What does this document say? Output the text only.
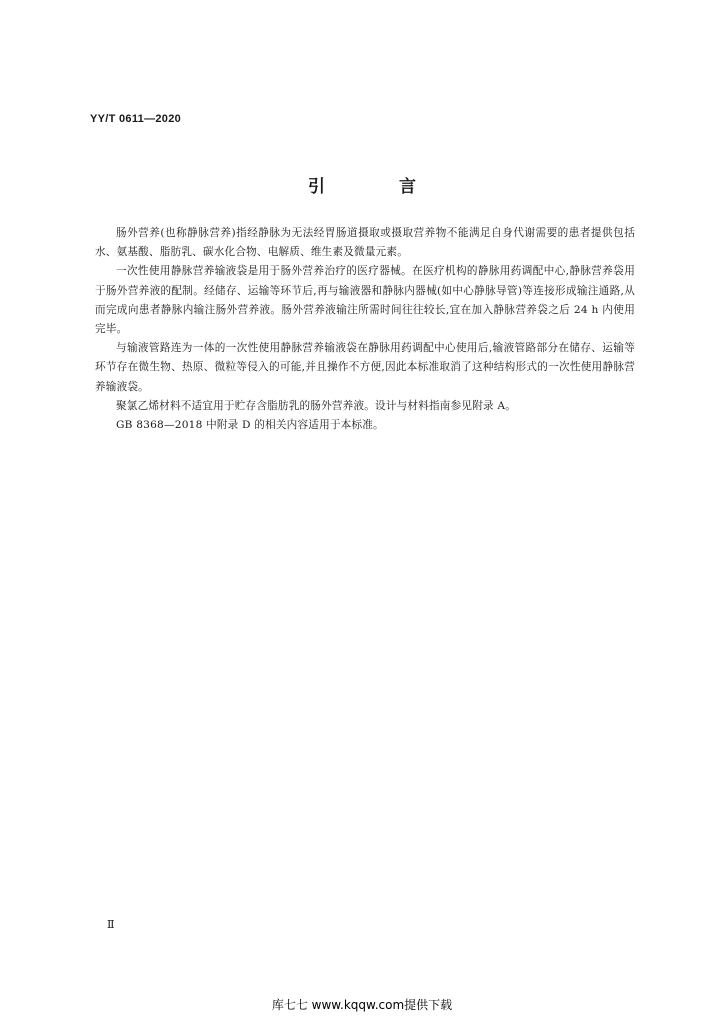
YY/T 0611—2020
引 言

肠外营养(也称静脉营养)指经静脉为无法经胃肠道摄取或摄取营养物不能满足自身代谢需要的患者提供包括水、氨基酸、脂肪乳、碳水化合物、电解质、维生素及微量元素。

一次性使用静脉营养输液袋是用于肠外营养治疗的医疗器械。在医疗机构的静脉用药调配中心,静脉营养袋用于肠外营养液的配制。经储存、运输等环节后,再与输液器和静脉内器械(如中心静脉导管)等连接形成输注通路,从而完成向患者静脉内输注肠外营养液。肠外营养液输注所需时间往往较长,宜在加入静脉营养袋之后 24 h 内使用完毕。

与输液管路连为一体的一次性使用静脉营养输液袋在静脉用药调配中心使用后,输液管路部分在储存、运输等环节存在微生物、热原、微粒等侵入的可能,并且操作不方便,因此本标准取消了这种结构形式的一次性使用静脉营养输液袋。

聚氯乙烯材料不适宜用于贮存含脂肪乳的肠外营养液。设计与材料指南参见附录 A。

GB 8368—2018 中附录 D 的相关内容适用于本标准。

Ⅱ
库七七 www.kqqw.com提供下载
